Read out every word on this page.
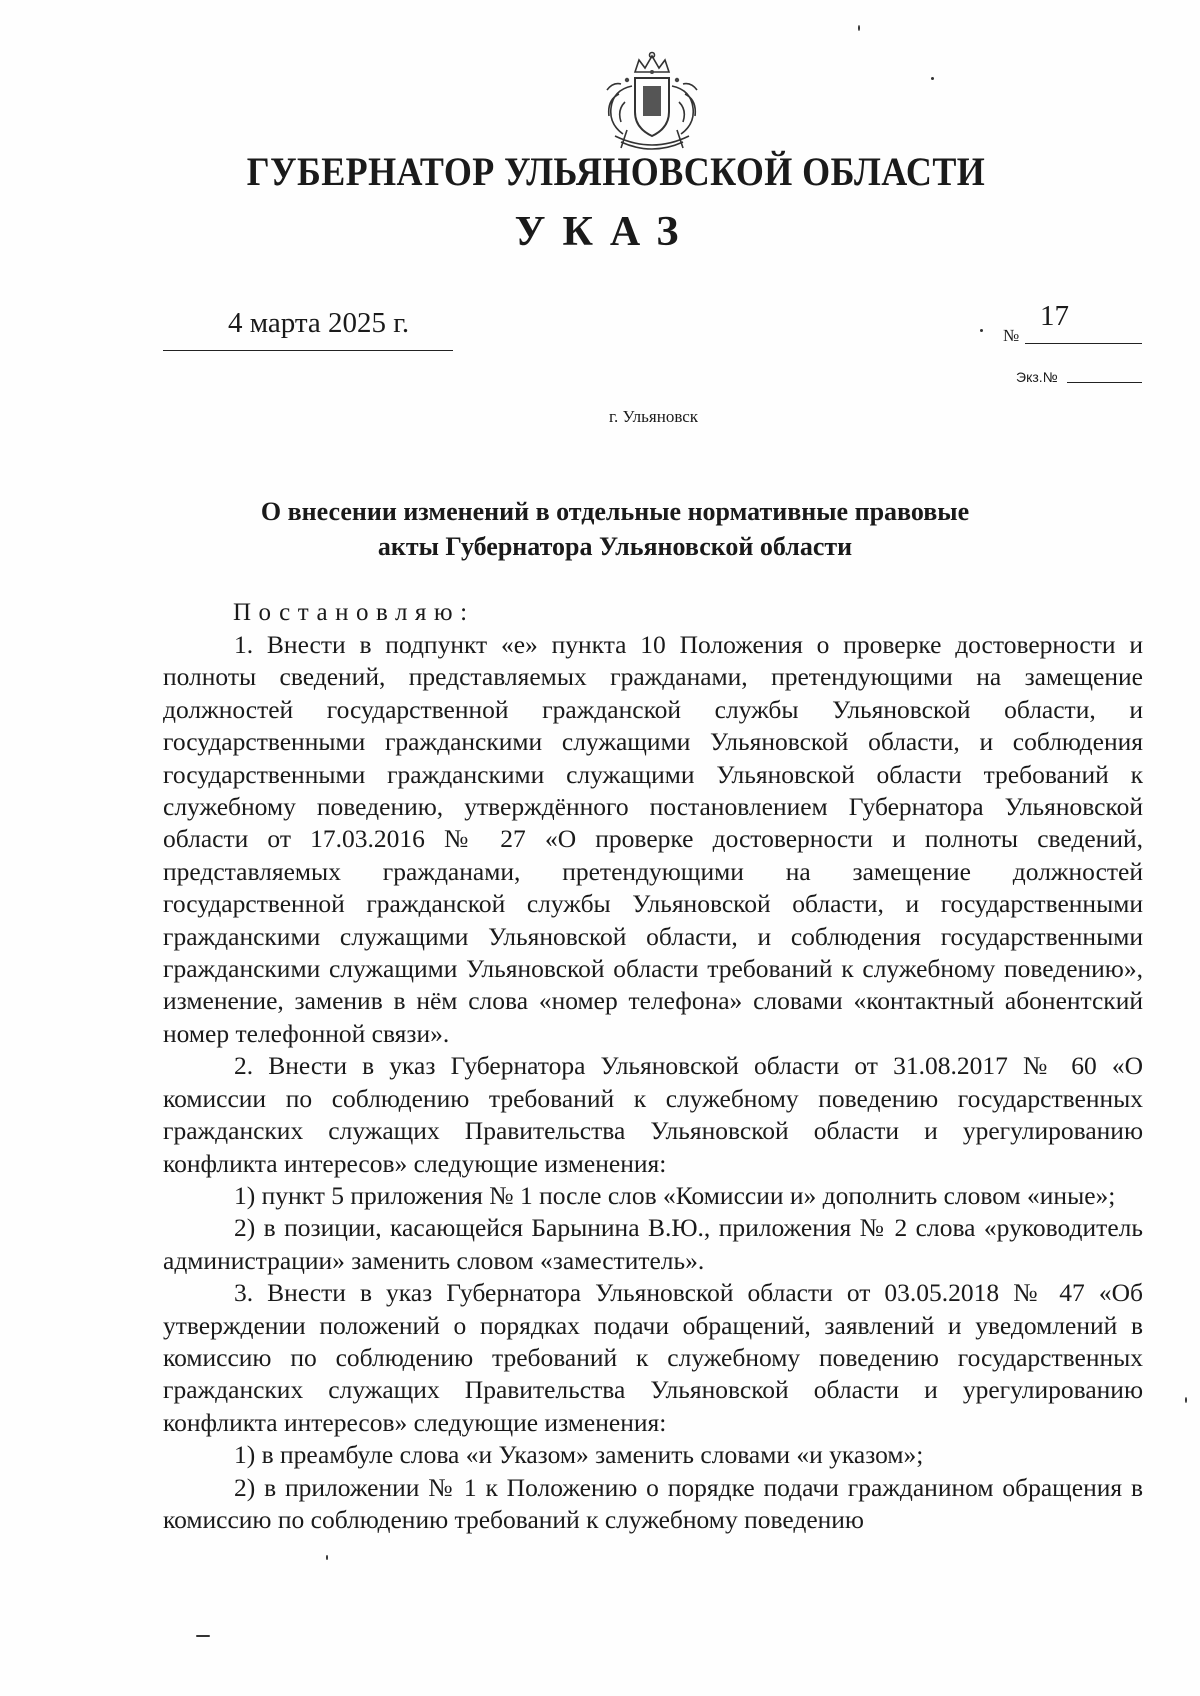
ГУБЕРНАТОР УЛЬЯНОВСКОЙ ОБЛАСТИ
УКАЗ
4 марта 2025 г.	№
17
Экз.№
г. Ульяновск
О внесении изменений в отдельные нормативные правовые акты Губернатора Ульяновской области
Постановляю:

1. Внести в подпункт «е» пункта 10 Положения о проверке достоверности и полноты сведений, представляемых гражданами, претендующими на замещение должностей государственной гражданской службы Ульяновской области, и государственными гражданскими служащими Ульяновской области, и соблюдения государственными гражданскими служащими Ульяновской области требований к служебному поведению, утверждённого постановлением Губернатора Ульяновской области от 17.03.2016 № 27 «О проверке достоверности и полноты сведений, представляемых гражданами, претендующими на замещение должностей государственной гражданской службы Ульяновской области, и государственными гражданскими служащими Ульяновской области, и соблюдения государственными гражданскими служащими Ульяновской области требований к служебному поведению», изменение, заменив в нём слова «номер телефона» словами «контактный абонентский номер телефонной связи».

2. Внести в указ Губернатора Ульяновской области от 31.08.2017 № 60 «О комиссии по соблюдению требований к служебному поведению государственных гражданских служащих Правительства Ульяновской области и урегулированию конфликта интересов» следующие изменения:

1) пункт 5 приложения № 1 после слов «Комиссии и» дополнить словом «иные»;

2) в позиции, касающейся Барынина В.Ю., приложения № 2 слова «руководитель администрации» заменить словом «заместитель».

3. Внести в указ Губернатора Ульяновской области от 03.05.2018 № 47 «Об утверждении положений о порядках подачи обращений, заявлений и уведомлений в комиссию по соблюдению требований к служебному поведению государственных гражданских служащих Правительства Ульяновской области и урегулированию конфликта интересов» следующие изменения:

1) в преамбуле слова «и Указом» заменить словами «и указом»;

2) в приложении № 1 к Положению о порядке подачи гражданином обращения в комиссию по соблюдению требований к служебному поведению
